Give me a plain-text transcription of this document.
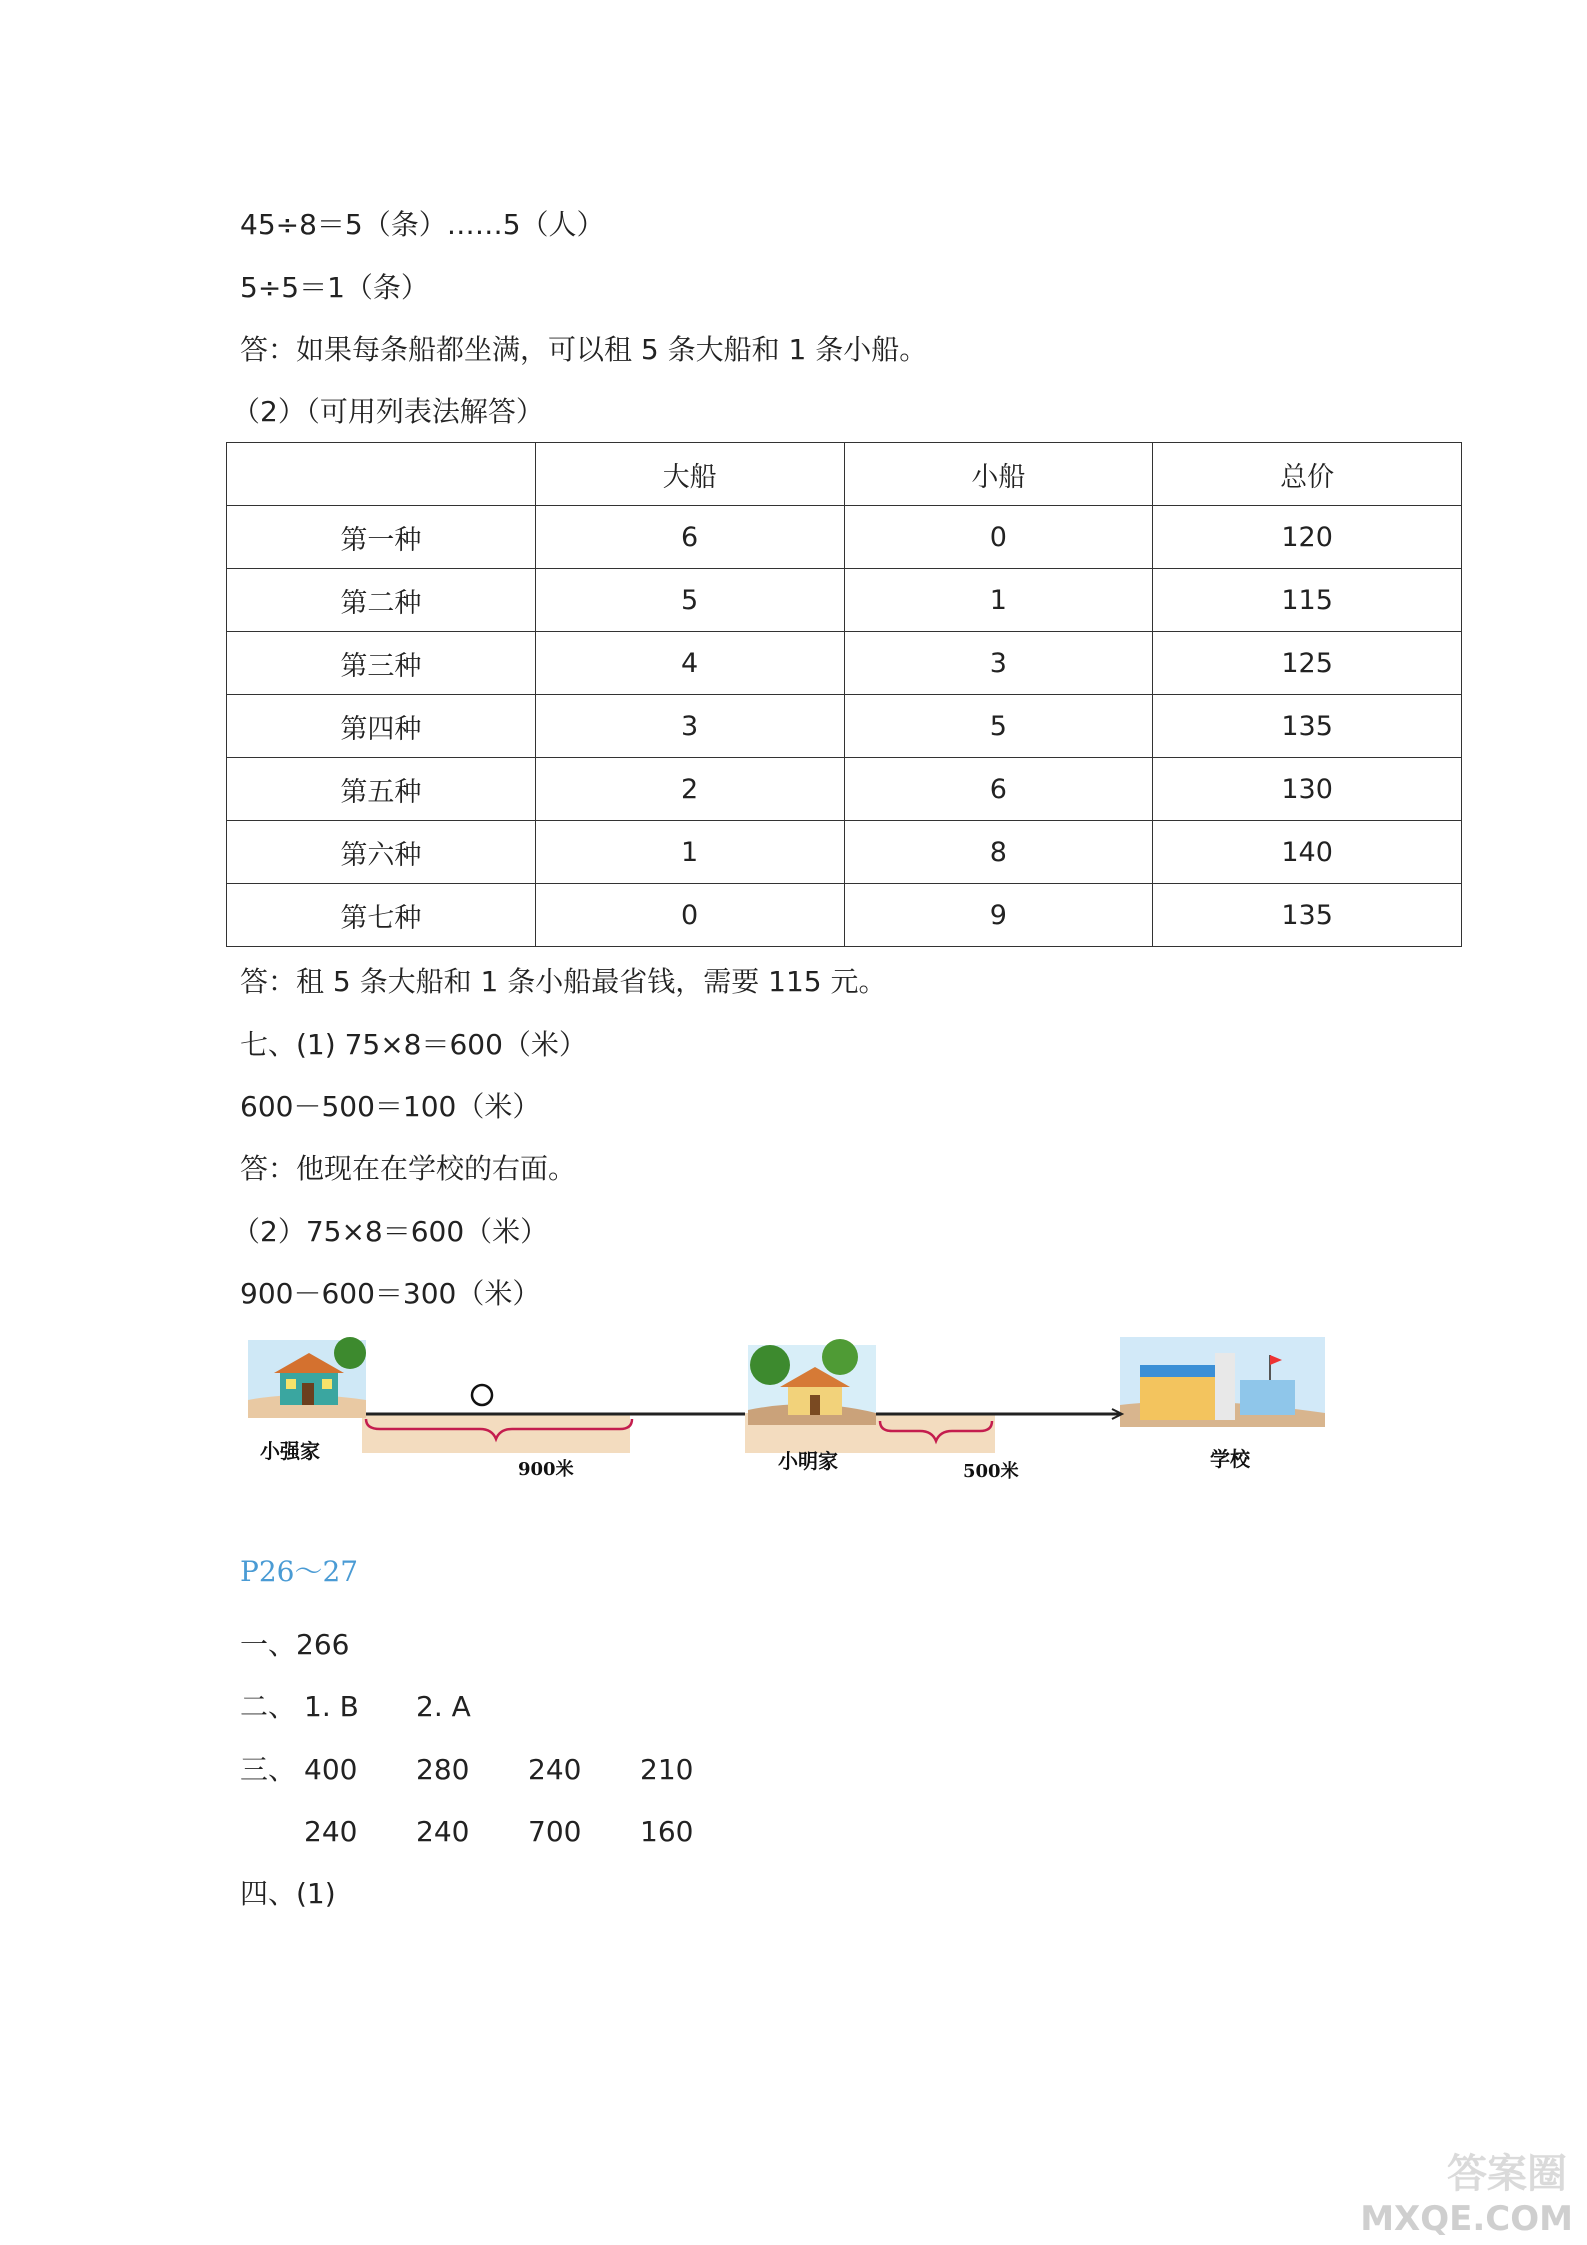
45÷8＝5（条）……5（人）
5÷5＝1（条）
答：如果每条船都坐满，可以租 5 条大船和 1 条小船。
（2）（可用列表法解答）
	大船	小船	总价
第一种	6	0	120
第二种	5	1	115
第三种	4	3	125
第四种	3	5	135
第五种	2	6	130
第六种	1	8	140
第七种	0	9	135
答：租 5 条大船和 1 条小船最省钱，需要 115 元。
七、(1) 75×8＝600（米）
600－500＝100（米）
答：他现在在学校的右面。
（2）75×8＝600（米）
900－600＝300（米）
小强家
900米	小明家	500米
学校
P26～27
一、266
二、 1. B 2. A
三、 400 280 240 210
240 240 700 160
四、(1)
答案圈
MXQE.COM
